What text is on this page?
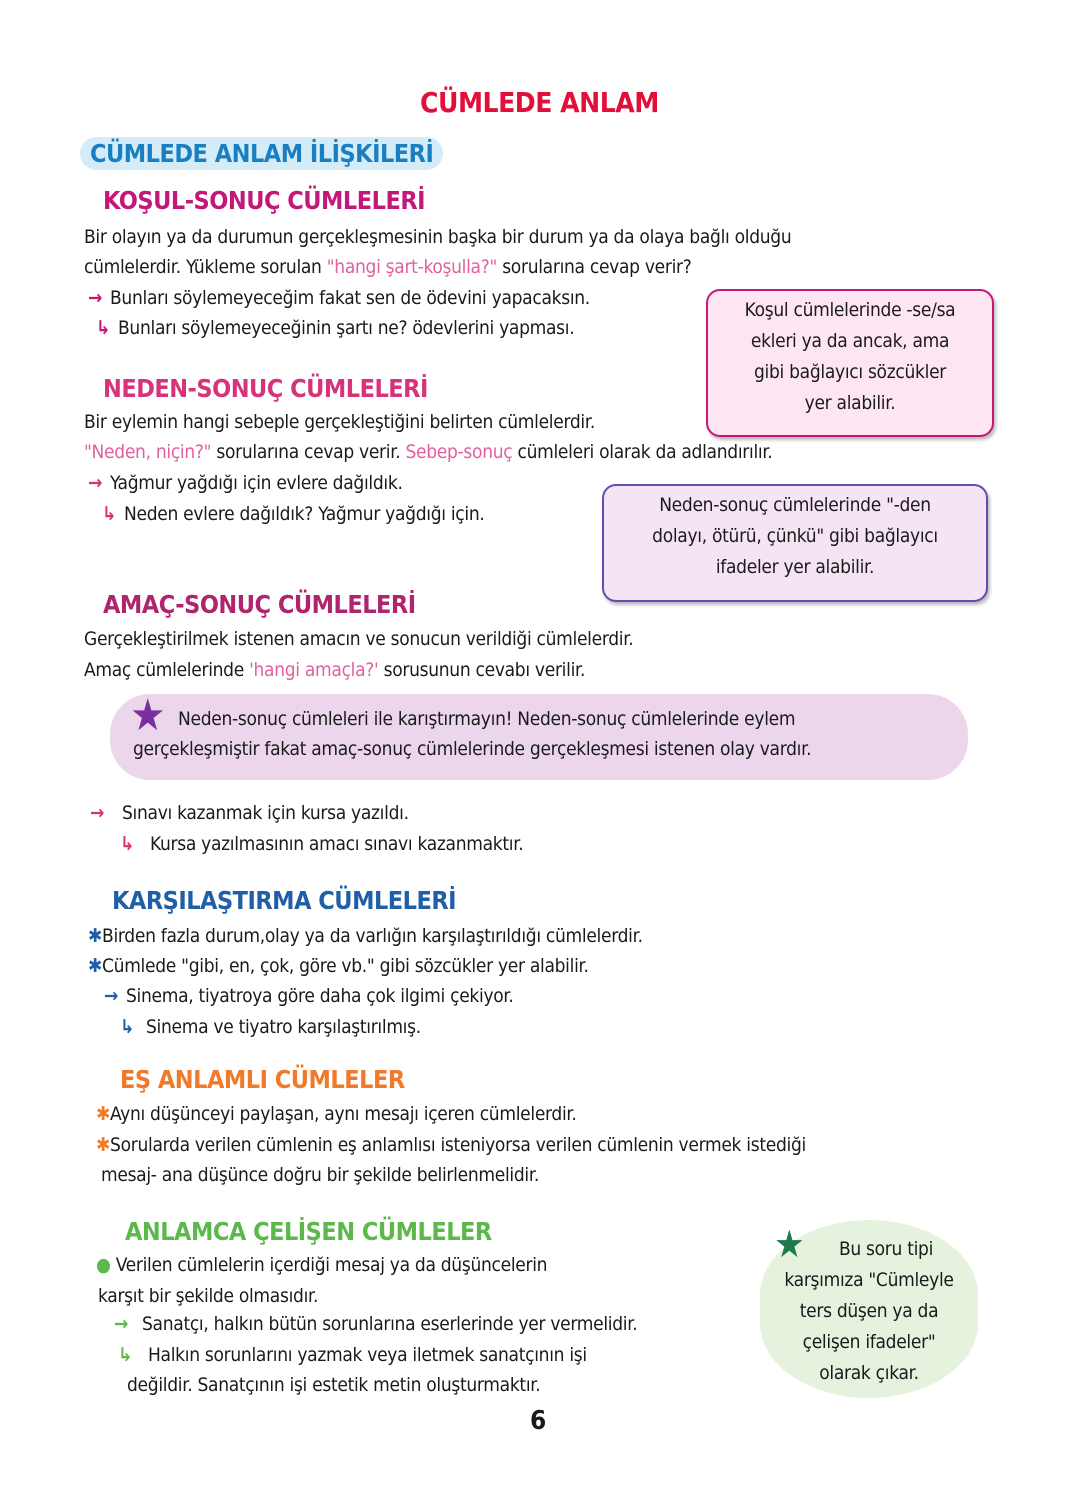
CÜMLEDE ANLAM
CÜMLEDE ANLAM İLİŞKİLERİ
KOŞUL-SONUÇ CÜMLELERİ
Bir olayın ya da durumun gerçekleşmesinin başka bir durum ya da olaya bağlı olduğu
cümlelerdir. Yükleme sorulan "hangi şart-koşulla?" sorularına cevap verir?
→ Bunları söylemeyeceğim fakat sen de ödevini yapacaksın.
↳ Bunları söylemeyeceğinin şartı ne? ödevlerini yapması.
Koşul cümlelerinde -se/sa
ekleri ya da ancak, ama
gibi bağlayıcı sözcükler
yer alabilir.
NEDEN-SONUÇ CÜMLELERİ
Bir eylemin hangi sebeple gerçekleştiğini belirten cümlelerdir.
"Neden, niçin?" sorularına cevap verir. Sebep-sonuç cümleleri olarak da adlandırılır.
→ Yağmur yağdığı için evlere dağıldık.
↳ Neden evlere dağıldık? Yağmur yağdığı için.	Neden-sonuç cümlelerinde "-den
dolayı, ötürü, çünkü" gibi bağlayıcı
ifadeler yer alabilir.
AMAÇ-SONUÇ CÜMLELERİ
Gerçekleştirilmek istenen amacın ve sonucun verildiği cümlelerdir.
Amaç cümlelerinde 'hangi amaçla?' sorusunun cevabı verilir.
★ Neden-sonuç cümleleri ile karıştırmayın! Neden-sonuç cümlelerinde eylem
gerçekleşmiştir fakat amaç-sonuç cümlelerinde gerçekleşmesi istenen olay vardır.
→ Sınavı kazanmak için kursa yazıldı.
↳ Kursa yazılmasının amacı sınavı kazanmaktır.
KARŞILAŞTIRMA CÜMLELERİ
✱Birden fazla durum,olay ya da varlığın karşılaştırıldığı cümlelerdir.
✱Cümlede "gibi, en, çok, göre vb." gibi sözcükler yer alabilir.
→ Sinema, tiyatroya göre daha çok ilgimi çekiyor.
↳ Sinema ve tiyatro karşılaştırılmış.
EŞ ANLAMLI CÜMLELER
✱Aynı düşünceyi paylaşan, aynı mesajı içeren cümlelerdir.
✱Sorularda verilen cümlenin eş anlamlısı isteniyorsa verilen cümlenin vermek istediği
mesaj- ana düşünce doğru bir şekilde belirlenmelidir.
ANLAMCA ÇELİŞEN CÜMLELER
● Verilen cümlelerin içerdiği mesaj ya da düşüncelerin
karşıt bir şekilde olmasıdır.
→ Sanatçı, halkın bütün sorunlarına eserlerinde yer vermelidir.
↳ Halkın sorunlarını yazmak veya iletmek sanatçının işi
değildir. Sanatçının işi estetik metin oluşturmaktır.
Bu soru tipi
karşımıza "Cümleyle
ters düşen ya da
çelişen ifadeler"
olarak çıkar.
★
6
